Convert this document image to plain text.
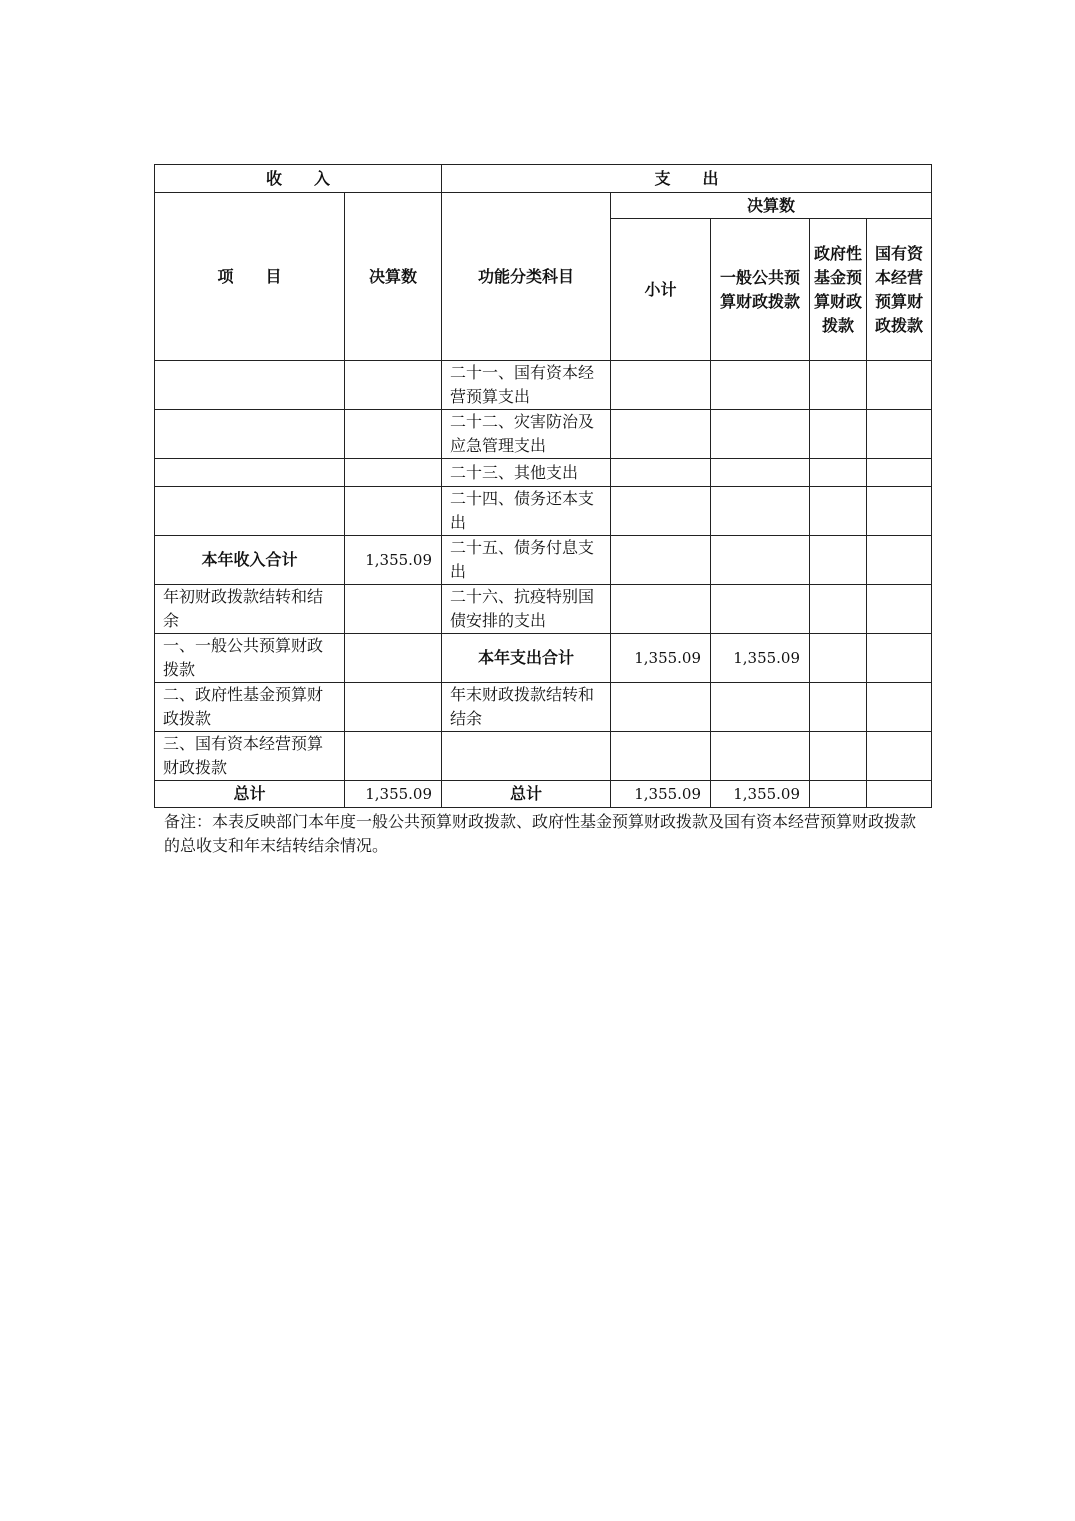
收　　入		支　　出				
项　　目	决算数	功能分类科目	决算数			
			小计	一般公共预算财政拨款	政府性基金预算财政拨款	国有资本经营预算财政拨款
		二十一、国有资本经营预算支出				
		二十二、灾害防治及应急管理支出				
		二十三、其他支出				
		二十四、债务还本支出				
本年收入合计	1,355.09	二十五、债务付息支出				
年初财政拨款结转和结余		二十六、抗疫特别国债安排的支出				
一、一般公共预算财政拨款		本年支出合计	1,355.09	1,355.09		
二、政府性基金预算财政拨款		年末财政拨款结转和结余				
三、国有资本经营预算财政拨款						
总计	1,355.09	总计	1,355.09	1,355.09		
备注：本表反映部门本年度一般公共预算财政拨款、政府性基金预算财政拨款及国有资本经营预算财政拨款的总收支和年末结转结余情况。
